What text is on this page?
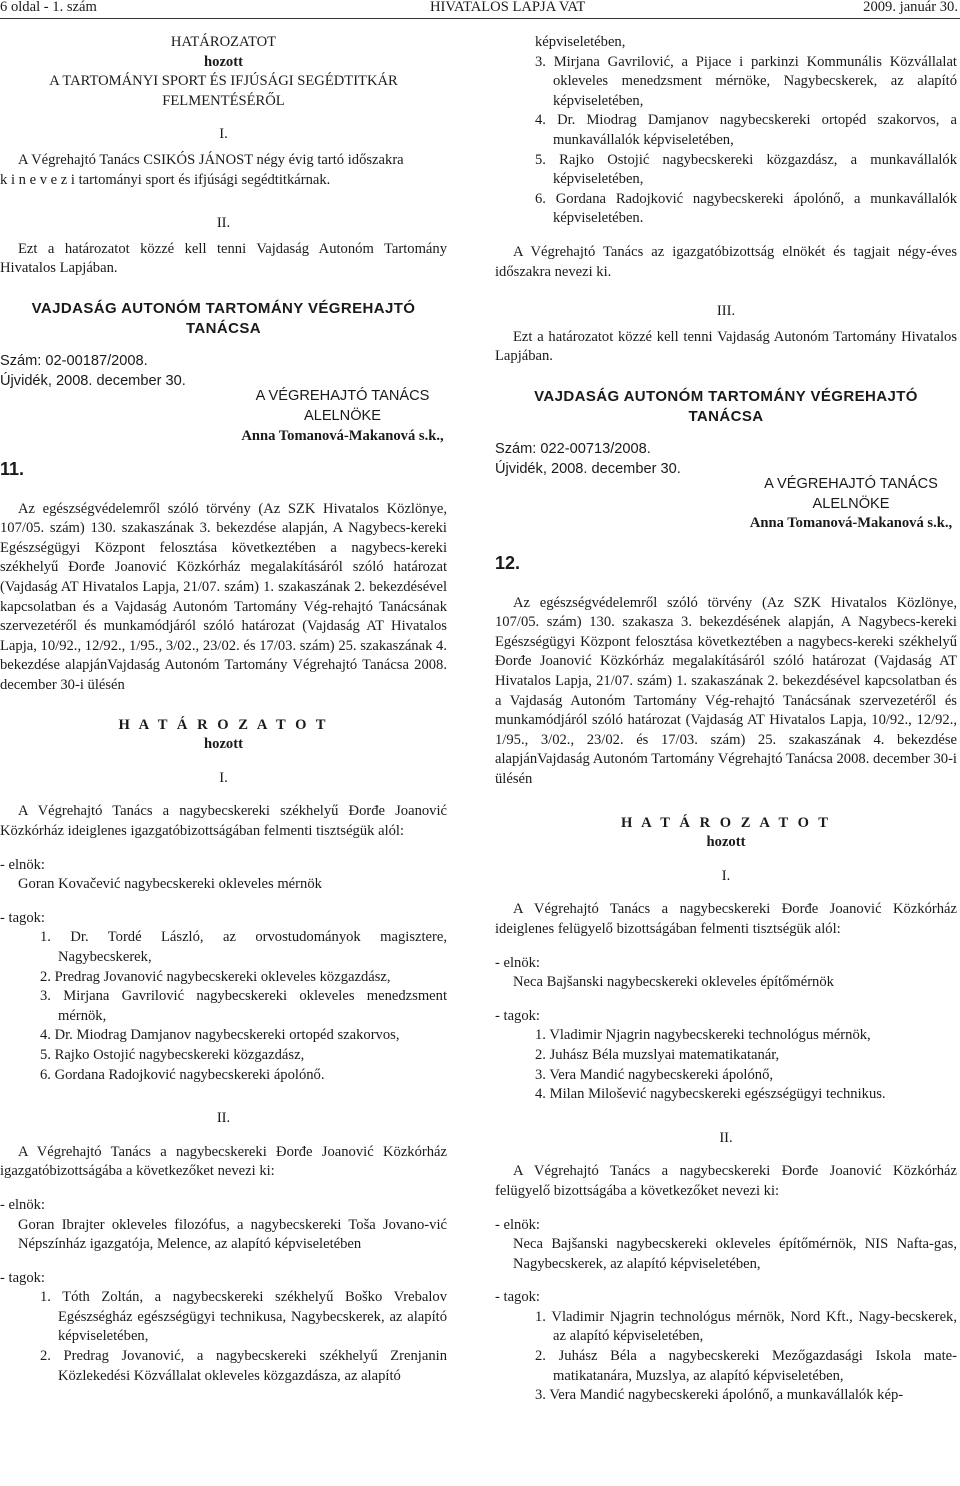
6 oldal - 1. szám	HIVATALOS LAPJA VAT	2009. január 30.

HATÁROZATOT

hozott

A TARTOMÁNYI SPORT ÉS IFJÚSÁGI SEGÉDTITKÁR

FELMENTÉSÉRŐL

I.

A Végrehajtó Tanács CSIKÓS JÁNOST négy évig tartó időszakra

k i n e v e z i tartományi sport és ifjúsági segédtitkárnak.

II.

Ezt a határozatot közzé kell tenni Vajdaság Autonóm Tartomány Hivatalos Lapjában.

VAJDASÁG AUTONÓM TARTOMÁNY VÉGREHAJTÓ

TANÁCSA

Szám: 02-00187/2008.

Újvidék, 2008. december 30.

A VÉGREHAJTÓ TANÁCS

ALELNÖKE

Anna Tomanová-Makanová s.k.,

11.

Az egészségvédelemről szóló törvény (Az SZK Hivatalos Közlönye, 107/05. szám) 130. szakaszának 3. bekezdése alapján, A Nagybecs-kereki Egészségügyi Központ felosztása következtében a nagybecs-kereki székhelyű Đorđe Joanović Közkórház megalakításáról szóló határozat (Vajdaság AT Hivatalos Lapja, 21/07. szám) 1. szakaszának 2. bekezdésével kapcsolatban és a Vajdaság Autonóm Tartomány Vég-rehajtó Tanácsának szervezetéről és munkamódjáról szóló határozat (Vajdaság AT Hivatalos Lapja, 10/92., 12/92., 1/95., 3/02., 23/02. és 17/03. szám) 25. szakaszának 4. bekezdése alapjánVajdaság Autonóm Tartomány Végrehajtó Tanácsa 2008. december 30-i ülésén

H A T Á R O Z A T O T

hozott

I.

A Végrehajtó Tanács a nagybecskereki székhelyű Đorđe Joanović Közkórház ideiglenes igazgatóbizottságában felmenti tisztségük alól:

- elnök:

Goran Kovačević nagybecskereki okleveles mérnök

- tagok:

1. Dr. Tordé László, az orvostudományok magisztere, Nagybecskerek,

2. Predrag Jovanović nagybecskereki okleveles közgazdász,

3. Mirjana Gavrilović nagybecskereki okleveles menedzsment mérnök,

4. Dr. Miodrag Damjanov nagybecskereki ortopéd szakorvos,

5. Rajko Ostojić nagybecskereki közgazdász,

6. Gordana Radojković nagybecskereki ápolónő.

II.

A Végrehajtó Tanács a nagybecskereki Đorđe Joanović Közkórház igazgatóbizottságába a következőket nevezi ki:

- elnök:

Goran Ibrajter okleveles filozófus, a nagybecskereki Toša Jovano-vić Népszínház igazgatója, Melence, az alapító képviseletében

- tagok:

1. Tóth Zoltán, a nagybecskereki székhelyű Boško Vrebalov Egészségház egészségügyi technikusa, Nagybecskerek, az alapító képviseletében,

2. Predrag Jovanović, a nagybecskereki székhelyű Zrenjanin Közlekedési Közvállalat okleveles közgazdásza, az alapító

képviseletében,

3. Mirjana Gavrilović, a Pijace i parkinzi Kommunális Közvállalat okleveles menedzsment mérnöke, Nagybecskerek, az alapító képviseletében,

4. Dr. Miodrag Damjanov nagybecskereki ortopéd szakorvos, a munkavállalók képviseletében,

5. Rajko Ostojić nagybecskereki közgazdász, a munkavállalók képviseletében,

6. Gordana Radojković nagybecskereki ápolónő, a munkavállalók képviseletében.

A Végrehajtó Tanács az igazgatóbizottság elnökét és tagjait négy-éves időszakra nevezi ki.

III.

Ezt a határozatot közzé kell tenni Vajdaság Autonóm Tartomány Hivatalos Lapjában.

VAJDASÁG AUTONÓM TARTOMÁNY VÉGREHAJTÓ

TANÁCSA

Szám: 022-00713/2008.

Újvidék, 2008. december 30.

A VÉGREHAJTÓ TANÁCS

ALELNÖKE

Anna Tomanová-Makanová s.k.,

12.

Az egészségvédelemről szóló törvény (Az SZK Hivatalos Közlönye, 107/05. szám) 130. szakasza 3. bekezdésének alapján, A Nagybecs-kereki Egészségügyi Központ felosztása következtében a nagybecs-kereki székhelyű Đorđe Joanović Közkórház megalakításáról szóló határozat (Vajdaság AT Hivatalos Lapja, 21/07. szám) 1. szakaszának 2. bekezdésével kapcsolatban és a Vajdaság Autonóm Tartomány Vég-rehajtó Tanácsának szervezetéről és munkamódjáról szóló határozat (Vajdaság AT Hivatalos Lapja, 10/92., 12/92., 1/95., 3/02., 23/02. és 17/03. szám) 25. szakaszának 4. bekezdése alapjánVajdaság Autonóm Tartomány Végrehajtó Tanácsa 2008. december 30-i ülésén

H A T Á R O Z A T O T

hozott

I.

A Végrehajtó Tanács a nagybecskereki Đorđe Joanović Közkórház ideiglenes felügyelő bizottságában felmenti tisztségük alól:

- elnök:

Neca Bajšanski nagybecskereki okleveles építőmérnök

- tagok:

1. Vladimir Njagrin nagybecskereki technológus mérnök,

2. Juhász Béla muzslyai matematikatanár,

3. Vera Mandić nagybecskereki ápolónő,

4. Milan Milošević nagybecskereki egészségügyi technikus.

II.

A Végrehajtó Tanács a nagybecskereki Đorđe Joanović Közkórház felügyelő bizottságába a következőket nevezi ki:

- elnök:

Neca Bajšanski nagybecskereki okleveles építőmérnök, NIS Nafta-gas, Nagybecskerek, az alapító képviseletében,

- tagok:

1. Vladimir Njagrin technológus mérnök, Nord Kft., Nagy-becskerek, az alapító képviseletében,

2. Juhász Béla a nagybecskereki Mezőgazdasági Iskola mate-matikatanára, Muzslya, az alapító képviseletében,

3. Vera Mandić nagybecskereki ápolónő, a munkavállalók kép-
